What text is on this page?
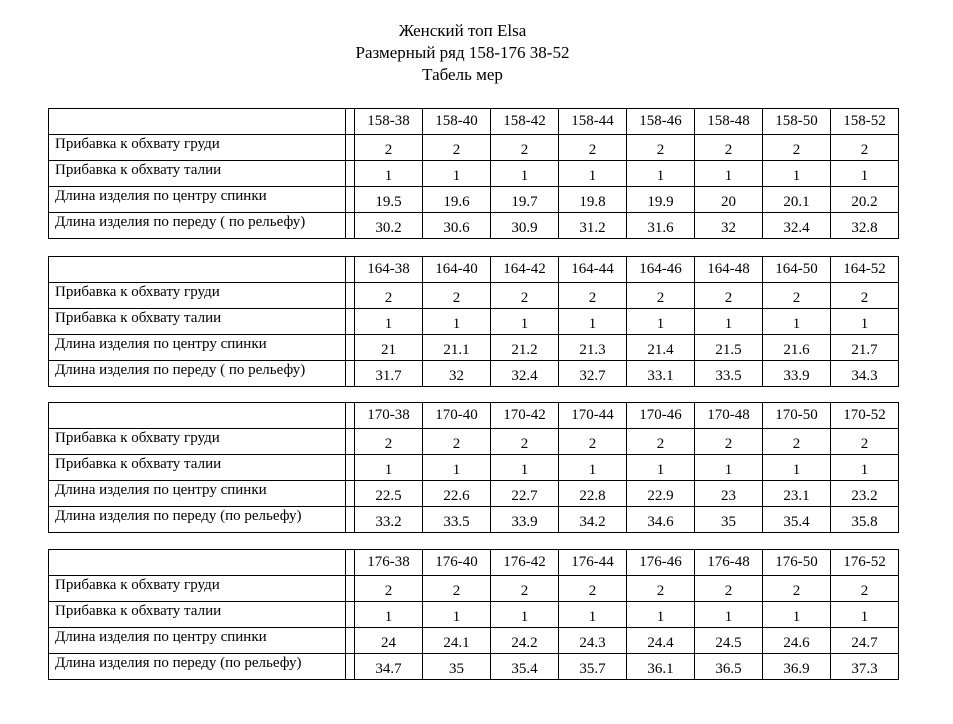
Женский топ Elsa
Размерный ряд 158-176 38-52
Табель мер
		158-38	158-40	158-42	158-44	158-46	158-48	158-50	158-52
Прибавка к обхвату груди		2	2	2	2	2	2	2	2
Прибавка к обхвату талии		1	1	1	1	1	1	1	1
Длина изделия по центру спинки		19.5	19.6	19.7	19.8	19.9	20	20.1	20.2
Длина изделия по переду ( по рельефу)		30.2	30.6	30.9	31.2	31.6	32	32.4	32.8
		164-38	164-40	164-42	164-44	164-46	164-48	164-50	164-52
Прибавка к обхвату груди		2	2	2	2	2	2	2	2
Прибавка к обхвату талии		1	1	1	1	1	1	1	1
Длина изделия по центру спинки		21	21.1	21.2	21.3	21.4	21.5	21.6	21.7
Длина изделия по переду ( по рельефу)		31.7	32	32.4	32.7	33.1	33.5	33.9	34.3
		170-38	170-40	170-42	170-44	170-46	170-48	170-50	170-52
Прибавка к обхвату груди		2	2	2	2	2	2	2	2
Прибавка к обхвату талии		1	1	1	1	1	1	1	1
Длина изделия по центру спинки		22.5	22.6	22.7	22.8	22.9	23	23.1	23.2
Длина изделия по переду (по рельефу)		33.2	33.5	33.9	34.2	34.6	35	35.4	35.8
		176-38	176-40	176-42	176-44	176-46	176-48	176-50	176-52
Прибавка к обхвату груди		2	2	2	2	2	2	2	2
Прибавка к обхвату талии		1	1	1	1	1	1	1	1
Длина изделия по центру спинки		24	24.1	24.2	24.3	24.4	24.5	24.6	24.7
Длина изделия по переду (по рельефу)		34.7	35	35.4	35.7	36.1	36.5	36.9	37.3
